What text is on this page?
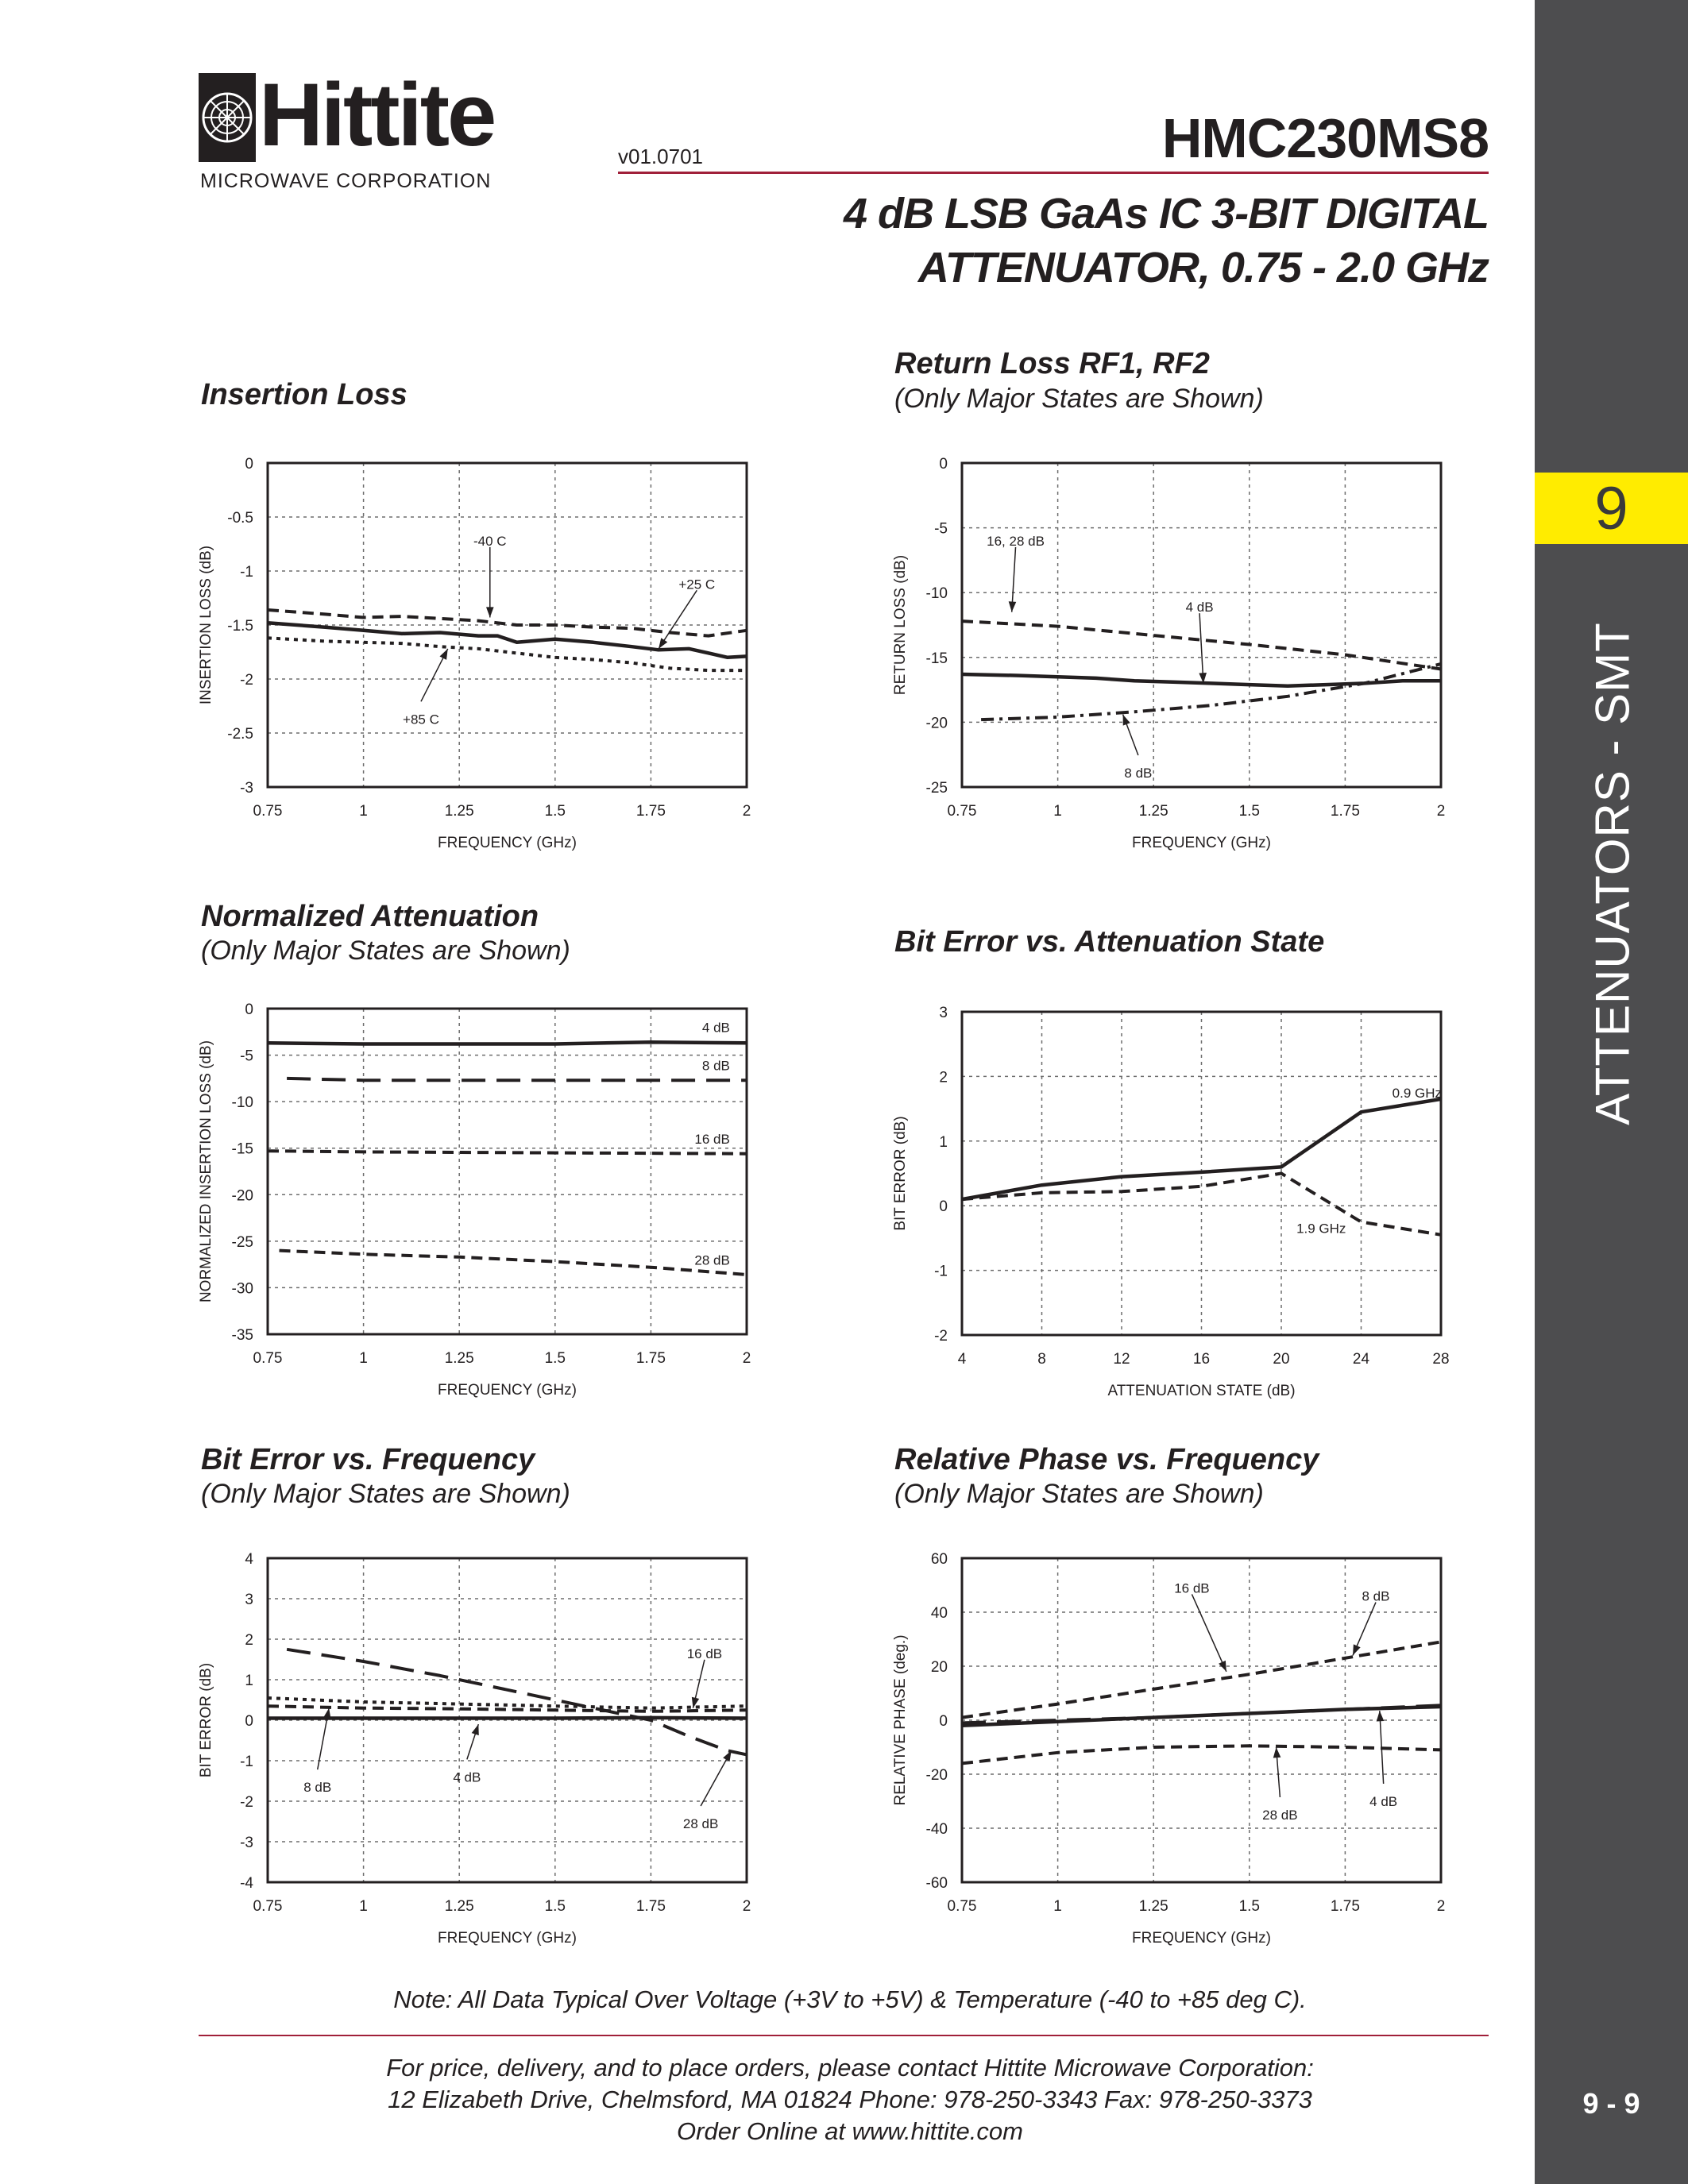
9
ATTENUATORS - SMT
9 - 9
Hittite
MICROWAVE CORPORATION
v01.0701	HMC230MS8
4 dB LSB GaAs IC 3-BIT DIGITAL
ATTENUATOR, 0.75 - 2.0 GHz
Insertion Loss
Return Loss RF1, RF2
(Only Major States are Shown)
Normalized Attenuation
(Only Major States are Shown)	Bit Error vs. Attenuation State
Bit Error vs. Frequency
(Only Major States are Shown)
Relative Phase vs. Frequency
(Only Major States are Shown)
0.75	1	1.25	1.5	1.75	2
-3
-2.5
-2
-1.5
-1
-0.5
0
FREQUENCY (GHz)
INSERTION LOSS (dB)
-40 C
+25 C
+85 C
0.75	1	1.25	1.5	1.75	2
-25
-20
-15
-10
-5
0
FREQUENCY (GHz)
RETURN LOSS (dB)
16, 28 dB
4 dB
8 dB
0.75	1	1.25	1.5	1.75	2
-35
-30
-25
-20
-15
-10
-5
0
FREQUENCY (GHz)
NORMALIZED INSERTION LOSS (dB)
4 dB
8 dB
16 dB
28 dB
4	8	12	16	20	24	28
-2
-1
0
1
2
3
ATTENUATION STATE (dB)
BIT ERROR (dB)
0.9 GHz
1.9 GHz
0.75	1	1.25	1.5	1.75	2
-4
-3
-2
-1
0
1
2
3
4
FREQUENCY (GHz)
BIT ERROR (dB)
16 dB
8 dB
4 dB
28 dB
0.75	1	1.25	1.5	1.75	2
-60
-40
-20
0
20
40
60
FREQUENCY (GHz)
RELATIVE PHASE (deg.)
16 dB
8 dB
28 dB
4 dB
Note: All Data Typical Over Voltage (+3V to +5V) & Temperature (-40 to +85 deg C).
For price, delivery, and to place orders, please contact Hittite Microwave Corporation:
12 Elizabeth Drive, Chelmsford, MA 01824 Phone: 978-250-3343 Fax: 978-250-3373
Order Online at www.hittite.com
